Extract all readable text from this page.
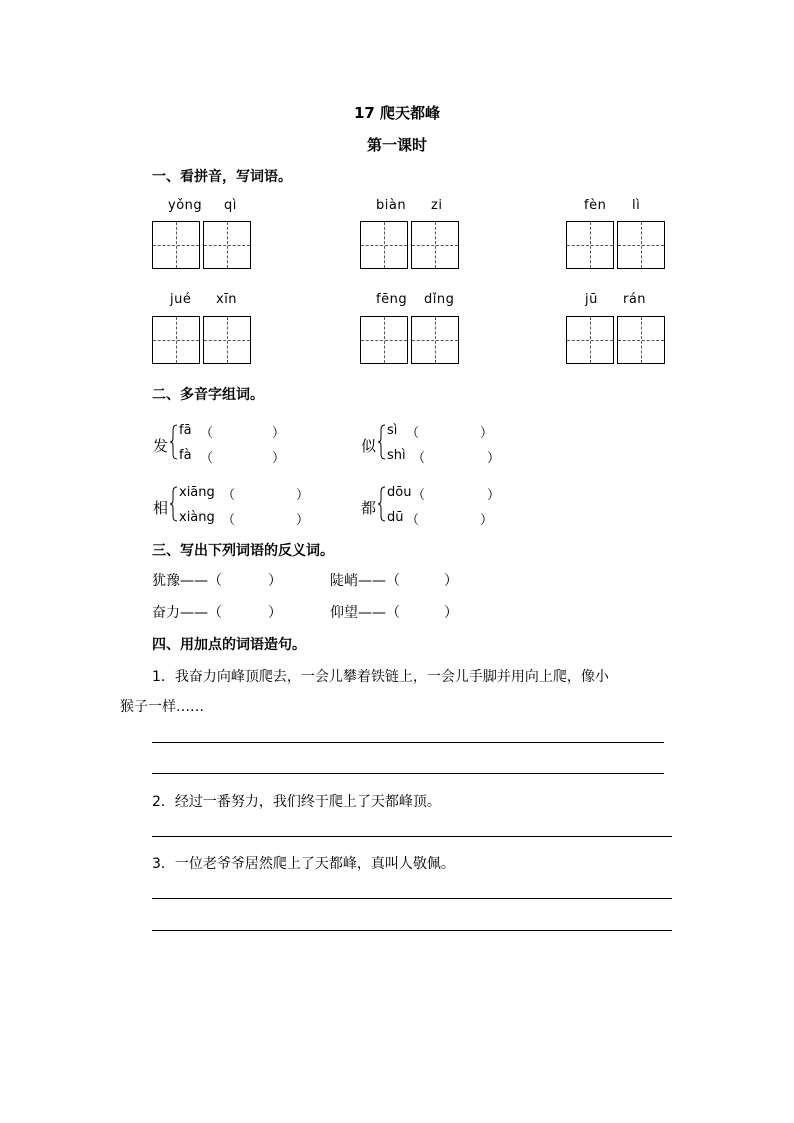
17 爬天都峰
第一课时
一、看拼音，写词语。
yǒng qì	biàn zi	fèn lì
jué xīn	fēng dǐng	jū rán
二、多音字组词。
发
fā （	）
fà （	）
似
sì （	）
shì （	）
相
xiāng （	）
xiàng （	）
都
dōu （	）
dū （	）
三、写出下列词语的反义词。
犹豫——（	）	陡峭——（	）
奋力——（	）	仰望——（	）
四、用加点的词语造句。
1．我奋力向峰顶爬去，一会儿攀着铁链上，一会儿手脚并用向上爬，像小
猴子一样……
2．经过一番努力，我们终于爬上了天都峰顶。
3．一位老爷爷居然爬上了天都峰，真叫人敬佩。
